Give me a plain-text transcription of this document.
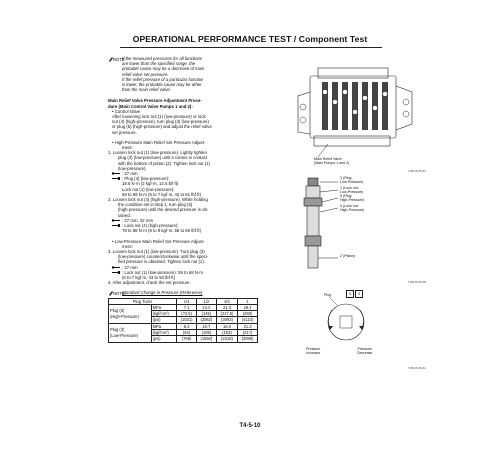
OPERATIONAL PERFORMANCE TEST / Component Test
NOTE:

If the measured pressures for all functions

are lower than the specified range, the

probable cause may be a decrease of main

relief valve set pressure.

If the relief pressure of a particular function

is lower, the probable cause may be other

than the main relief valve.

Main Relief Valve Pressure Adjustment Proce-
dure (Main Control Valve Pumps 1 and 2):
• Control Valve
After loosening lock nut (1) (low-pressure) or lock
nut (4) (high-pressure), turn plug (3) (low-pressure)
or plug (5) (high-pressure) and adjust the relief valve
set pressure.
• High-Pressure Main Relief Set Pressure Adjust-
ment:
1. Loosen lock nut (1) (low-pressure). Lightly tighten
plug (3) (low-pressure) until it comes in contact
with the bottom of piston (2). Tighten lock nut (1)
(low-pressure).
: 27 mm
: Plug (3) (low-pressure):
19.6 N·m (2 kgf·m, 14.5 lbf·ft)
Lock nut (1) (low-pressure):
59 to 69 N·m (6 to 7 kgf·m, 43 to 51 lbf·ft)
2. Loosen lock nut (4) (high-pressure). While holding
the condition set in step 1, turn plug (5)
(high-pressure) until the desired pressure is ob-
tained.
: 27 mm, 32 mm
: Lock nut (4) (high-pressure):
78 to 88 N·m (8 to 9 kgf·m, 58 to 65 lbf·ft)
• Low-Pressure Main Relief Set Pressure Adjust-
ment:
3. Loosen lock nut (1) (low-pressure). Turn plug (3)
(low-pressure) counterclockwise until the speci-
fied pressure is obtained. Tighten lock nut (1).
: 27 mm
: Lock nut (1) (low-pressure): 59 to 69 N·m
(6 to 7 kgf·m, 43 to 50 lbf·ft)
4. After adjustment, check the set pressure.
NOTE:
Standard Change in Pressure (Reference)
Plug Turns		1/4	1/2	3/4	1

Plug (5)
(High-Pressure)	MPa	7.1	14.2	21.3	28.4
	(kgf/cm²)	(72.5)	(145)	(217.5)	(290)
	(psi)	(1031)	(2062)	(3093)	(4124)

Plug (3)
(Low-Pressure)	MPa	5.3	10.7	16.0	21.3
	(kgf/cm²)	(54)	(109)	(163)	(217)
	(psi)	(768)	(1550)	(2318)	(3088)
Main Relief Valve
(Main Pumps 1 and 2)
T1HD-05-05-007
3 (Plug:
Low-Pressure)
1 (Lock nut:
Low-Pressure)
5 (Plug:
High-Pressure)
4 (Lock nut:
High-Pressure)
2 (Piston)
T1HD-05-05-008
Plug	5 3
Pressure
Increase
Pressure
Decrease
T1HD-05-05-011
T4-5-10
